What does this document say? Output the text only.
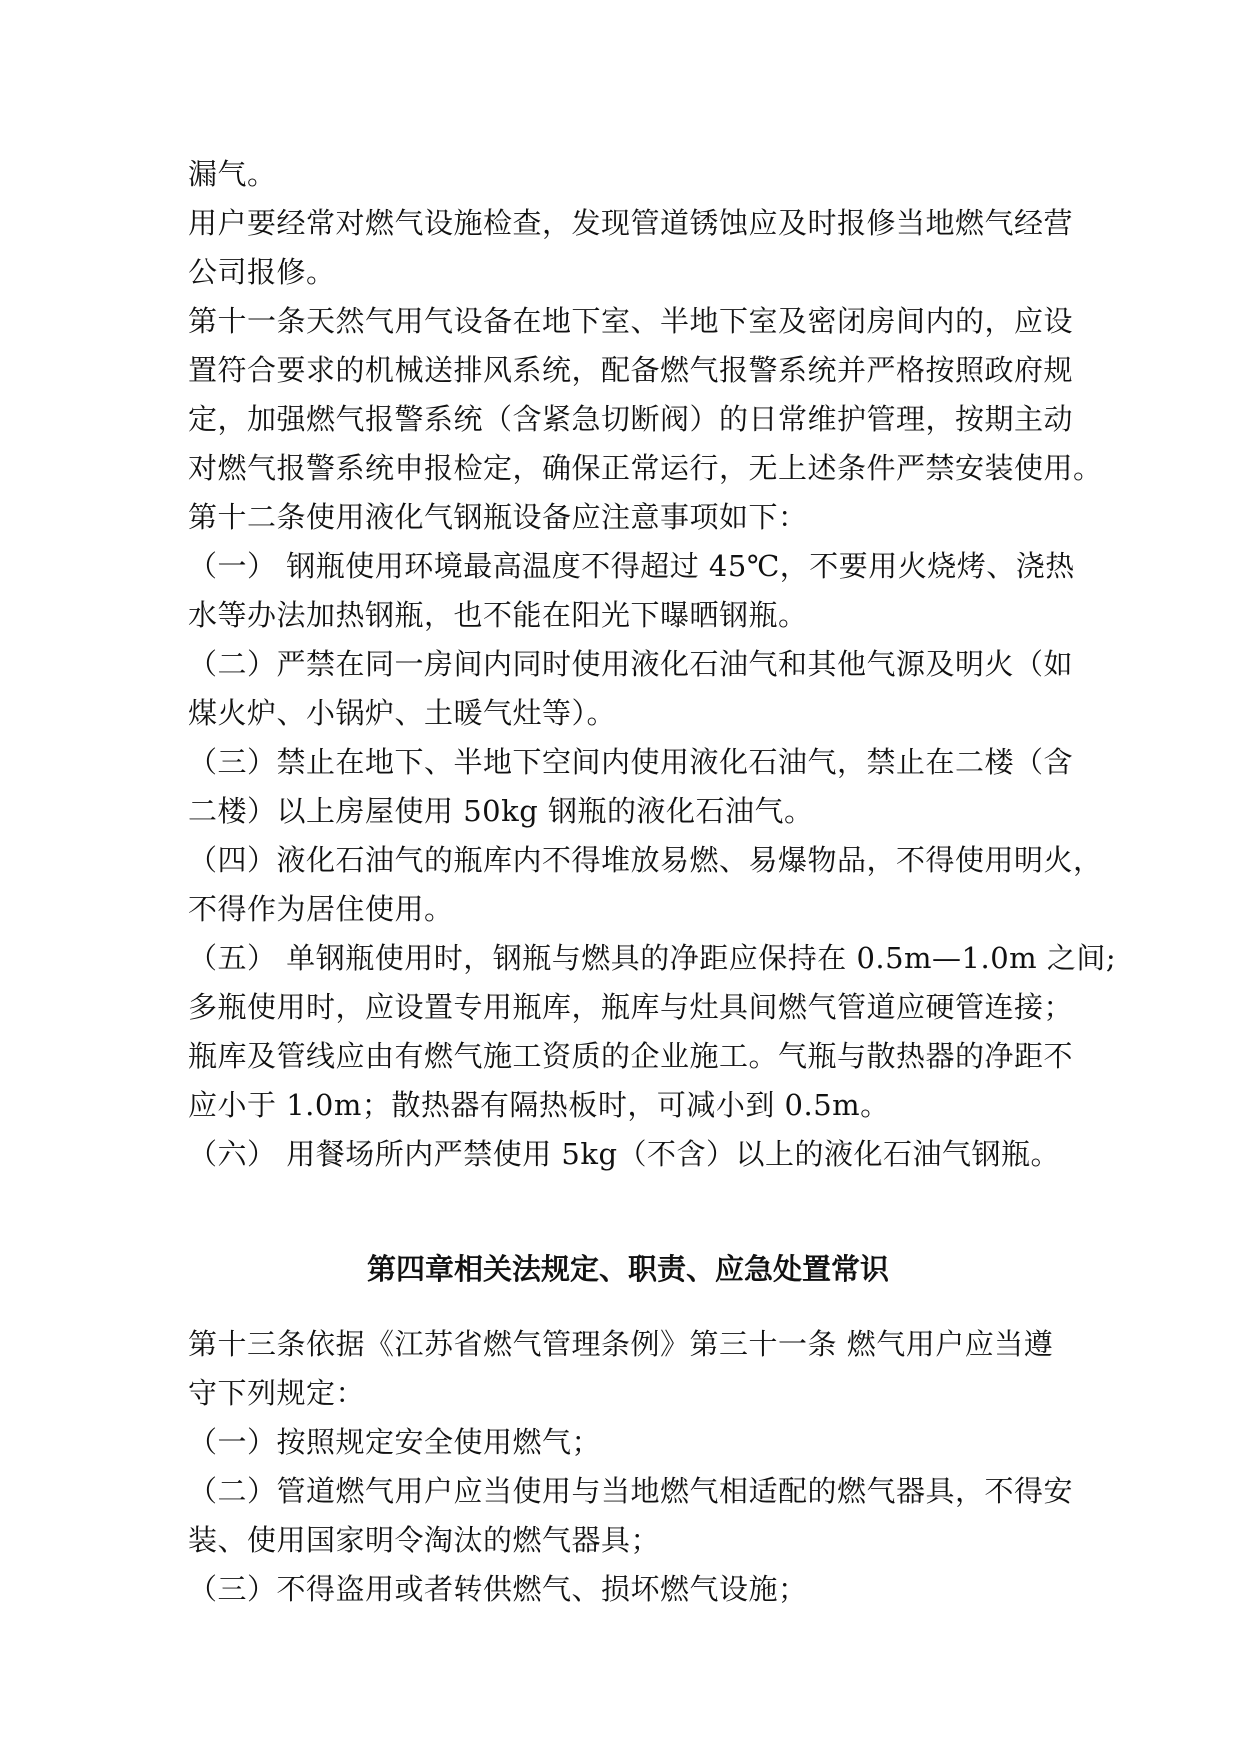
漏气。
用户要经常对燃气设施检查，发现管道锈蚀应及时报修当地燃气经营
公司报修。
第十一条天然气用气设备在地下室、半地下室及密闭房间内的，应设
置符合要求的机械送排风系统，配备燃气报警系统并严格按照政府规
定，加强燃气报警系统（含紧急切断阀）的日常维护管理，按期主动
对燃气报警系统申报检定，确保正常运行，无上述条件严禁安装使用。
第十二条使用液化气钢瓶设备应注意事项如下：
（一） 钢瓶使用环境最高温度不得超过 45℃，不要用火烧烤、浇热
水等办法加热钢瓶，也不能在阳光下曝晒钢瓶。
（二）严禁在同一房间内同时使用液化石油气和其他气源及明火（如
煤火炉、小锅炉、土暖气灶等）。
（三）禁止在地下、半地下空间内使用液化石油气，禁止在二楼（含
二楼）以上房屋使用 50kg 钢瓶的液化石油气。
（四）液化石油气的瓶库内不得堆放易燃、易爆物品，不得使用明火，
不得作为居住使用。
（五） 单钢瓶使用时，钢瓶与燃具的净距应保持在 0.5m—1.0m 之间;
多瓶使用时，应设置专用瓶库，瓶库与灶具间燃气管道应硬管连接；
瓶库及管线应由有燃气施工资质的企业施工。气瓶与散热器的净距不
应小于 1.0m；散热器有隔热板时，可减小到 0.5m。
（六） 用餐场所内严禁使用 5kg（不含）以上的液化石油气钢瓶。
第四章相关法规定、职责、应急处置常识
第十三条依据《江苏省燃气管理条例》第三十一条 燃气用户应当遵
守下列规定：
（一）按照规定安全使用燃气；
（二）管道燃气用户应当使用与当地燃气相适配的燃气器具，不得安
装、使用国家明令淘汰的燃气器具；
（三）不得盗用或者转供燃气、损坏燃气设施；
